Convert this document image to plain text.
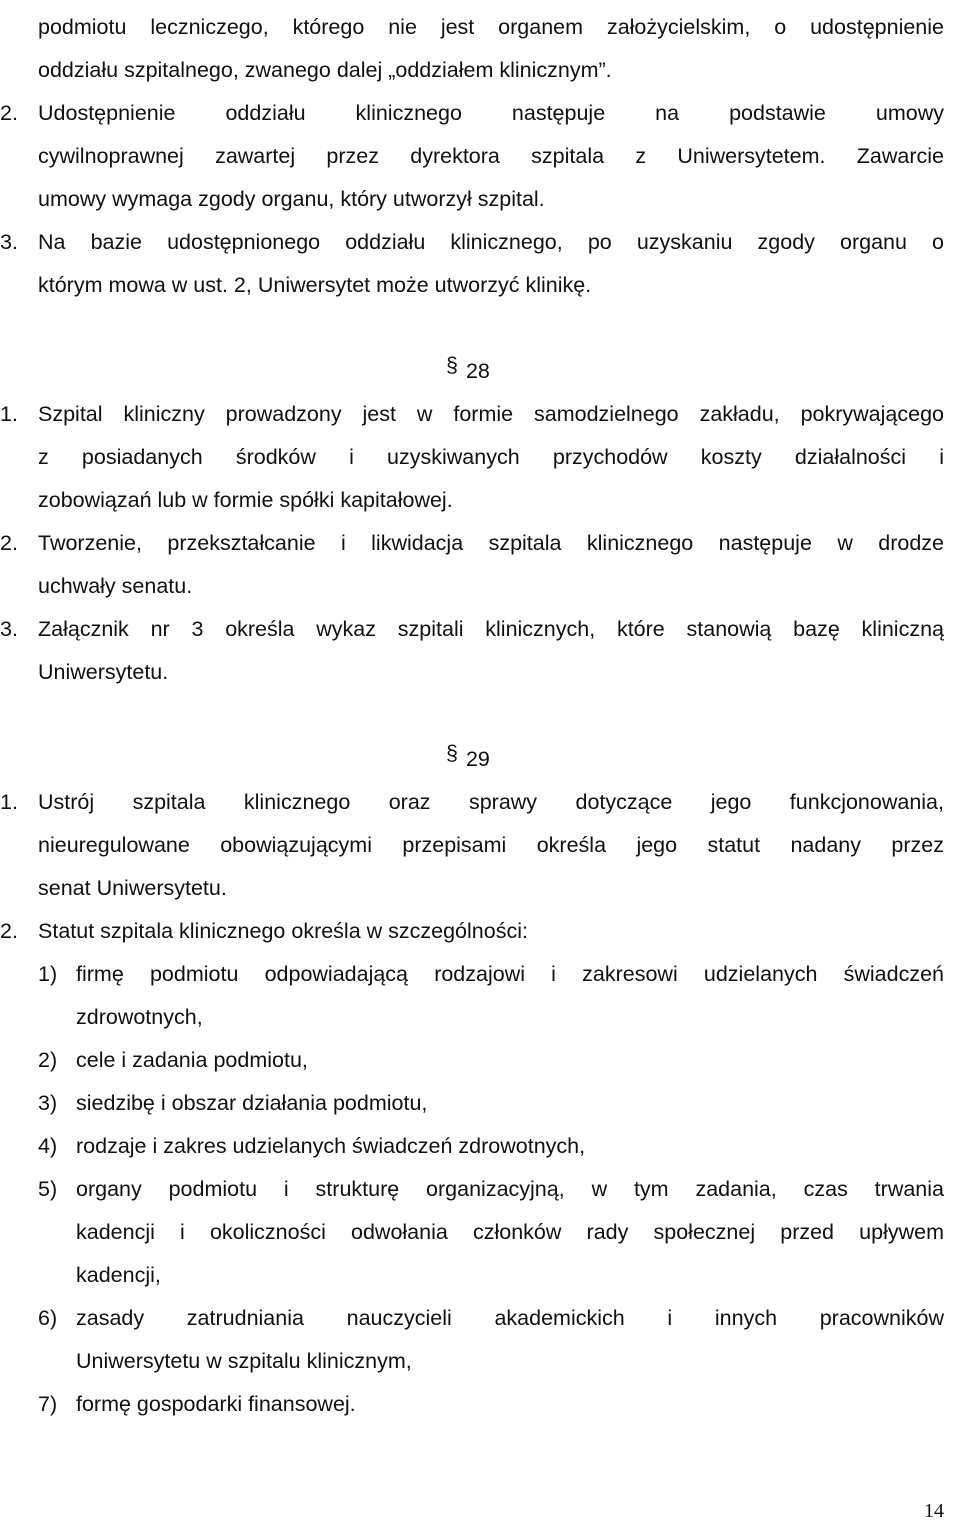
podmiotu leczniczego, którego nie jest organem założycielskim, o udostępnienie
oddziału szpitalnego, zwanego dalej „oddziałem klinicznym”.
2. Udostępnienie oddziału klinicznego następuje na podstawie umowy
cywilnoprawnej zawartej przez dyrektora szpitala z Uniwersytetem. Zawarcie
umowy wymaga zgody organu, który utworzył szpital.
3. Na bazie udostępnionego oddziału klinicznego, po uzyskaniu zgody organu o
którym mowa w ust. 2, Uniwersytet może utworzyć klinikę.
§ 28
1. Szpital kliniczny prowadzony jest w formie samodzielnego zakładu, pokrywającego
z posiadanych środków i uzyskiwanych przychodów koszty działalności i
zobowiązań lub w formie spółki kapitałowej.
2. Tworzenie, przekształcanie i likwidacja szpitala klinicznego następuje w drodze
uchwały senatu.
3. Załącznik nr 3 określa wykaz szpitali klinicznych, które stanowią bazę kliniczną
Uniwersytetu.
§ 29
1. Ustrój szpitala klinicznego oraz sprawy dotyczące jego funkcjonowania,
nieuregulowane obowiązującymi przepisami określa jego statut nadany przez
senat Uniwersytetu.
2. Statut szpitala klinicznego określa w szczególności:
1) firmę podmiotu odpowiadającą rodzajowi i zakresowi udzielanych świadczeń
zdrowotnych,
2) cele i zadania podmiotu,
3) siedzibę i obszar działania podmiotu,
4) rodzaje i zakres udzielanych świadczeń zdrowotnych,
5) organy podmiotu i strukturę organizacyjną, w tym zadania, czas trwania
kadencji i okoliczności odwołania członków rady społecznej przed upływem
kadencji,
6) zasady zatrudniania nauczycieli akademickich i innych pracowników
Uniwersytetu w szpitalu klinicznym,
7) formę gospodarki finansowej.
14
